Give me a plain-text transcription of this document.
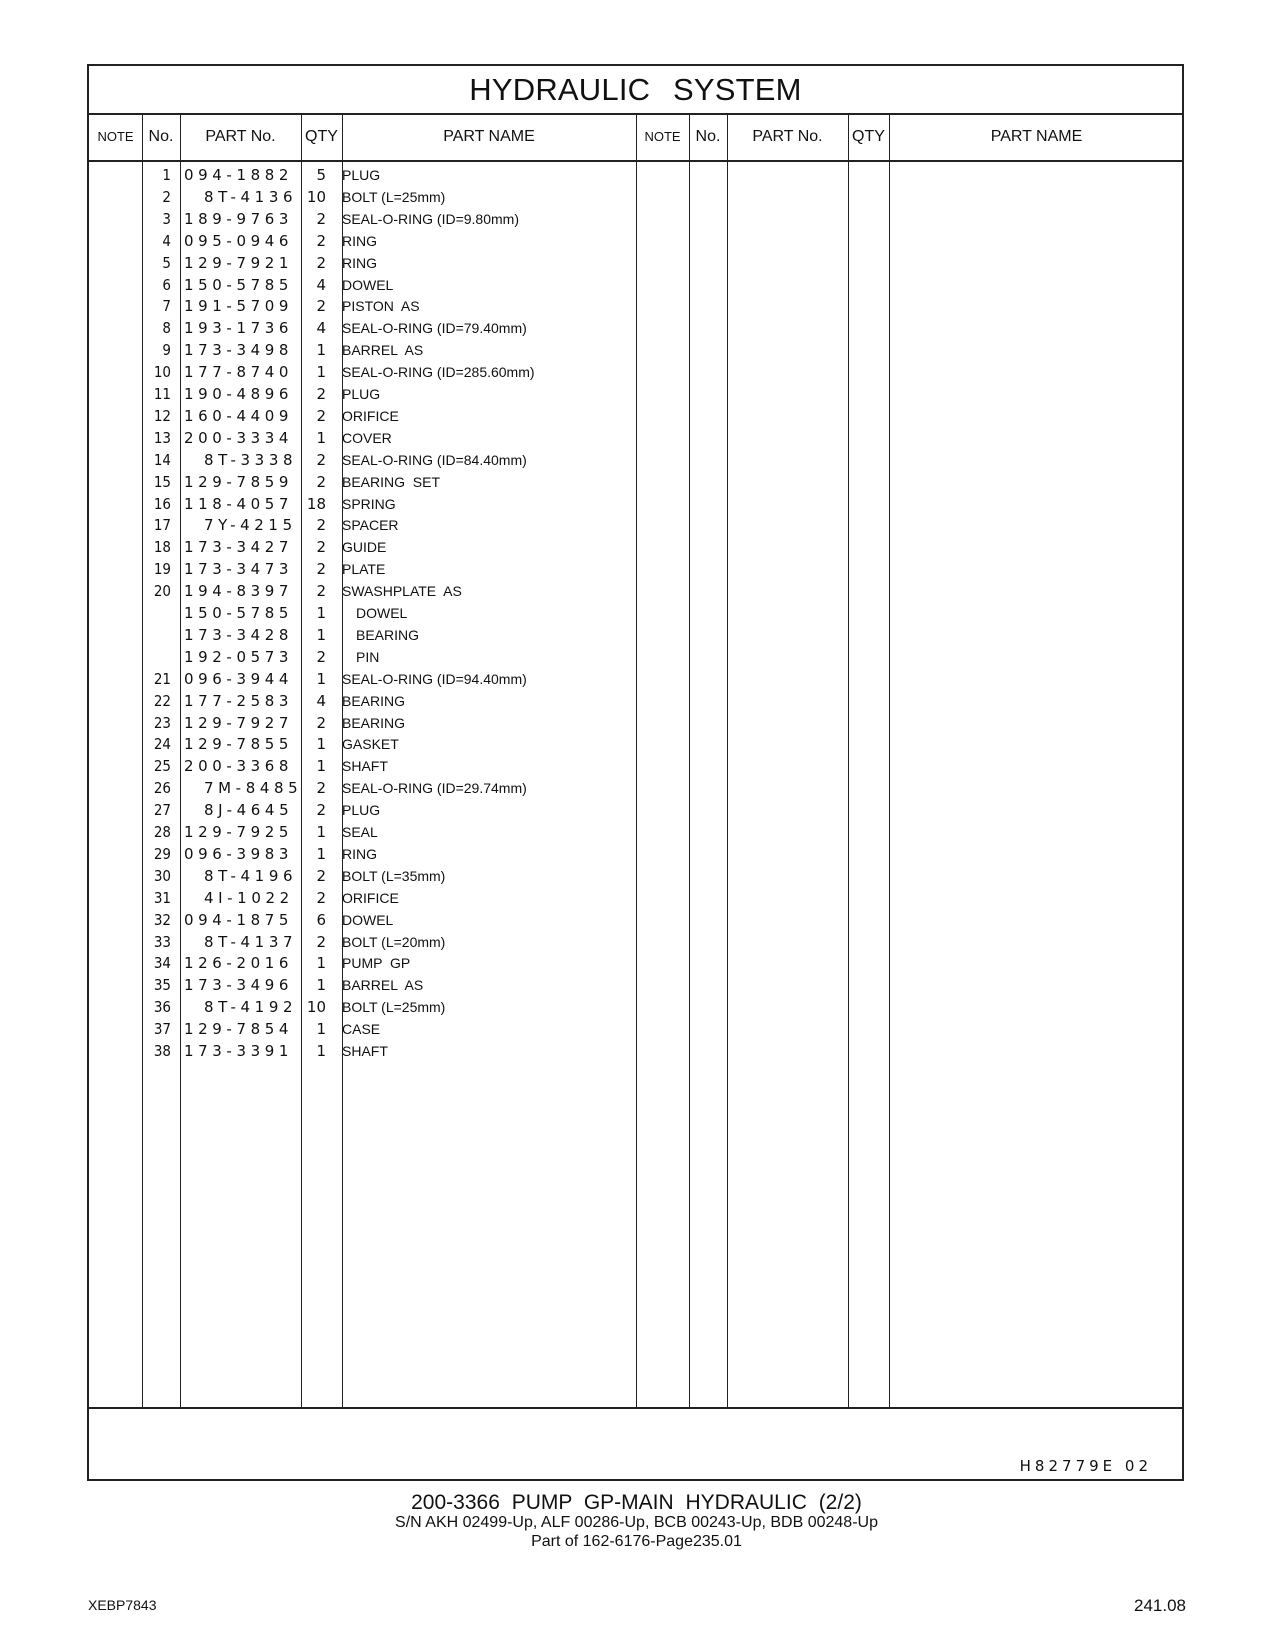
HYDRAULIC SYSTEM
NOTE No.	PART No.	QTY	PART NAME	NOTE No.	PART No.	QTY	PART NAME
1 094-1882	5 PLUG
2 8T-4136 10 BOLT (L=25mm)
3 189-9763	2 SEAL-O-RING (ID=9.80mm)
4 095-0946	2 RING
5 129-7921	2 RING
6 150-5785	4 DOWEL
7 191-5709	2 PISTON  AS
8 193-1736	4 SEAL-O-RING (ID=79.40mm)
9 173-3498	1 BARREL  AS
10 177-8740	1 SEAL-O-RING (ID=285.60mm)
11 190-4896	2 PLUG
12 160-4409	2 ORIFICE
13 200-3334	1 COVER
14 8T-3338	2 SEAL-O-RING (ID=84.40mm)
15 129-7859	2 BEARING  SET
16 118-4057 18 SPRING
17 7Y-4215	2 SPACER
18 173-3427	2 GUIDE
19 173-3473	2 PLATE
20 194-8397	2 SWASHPLATE  AS
150-5785	1 DOWEL
173-3428	1 BEARING
192-0573	2 PIN
21 096-3944	1 SEAL-O-RING (ID=94.40mm)
22 177-2583	4 BEARING
23 129-7927	2 BEARING
24 129-7855	1 GASKET
25 200-3368	1 SHAFT
26 7M-8485 2 SEAL-O-RING (ID=29.74mm)
27 8J-4645	2 PLUG
28 129-7925	1 SEAL
29 096-3983	1 RING
30 8T-4196	2 BOLT (L=35mm)
31 4I-1022	2 ORIFICE
32 094-1875	6 DOWEL
33 8T-4137	2 BOLT (L=20mm)
34 126-2016	1 PUMP  GP
35 173-3496	1 BARREL  AS
36 8T-4192 10 BOLT (L=25mm)
37 129-7854	1 CASE
38 173-3391	1 SHAFT
H82779E 02
200-3366 PUMP GP-MAIN HYDRAULIC (2/2)
S/N AKH 02499-Up, ALF 00286-Up, BCB 00243-Up, BDB 00248-Up
Part of 162-6176-Page235.01
XEBP7843	241.08
